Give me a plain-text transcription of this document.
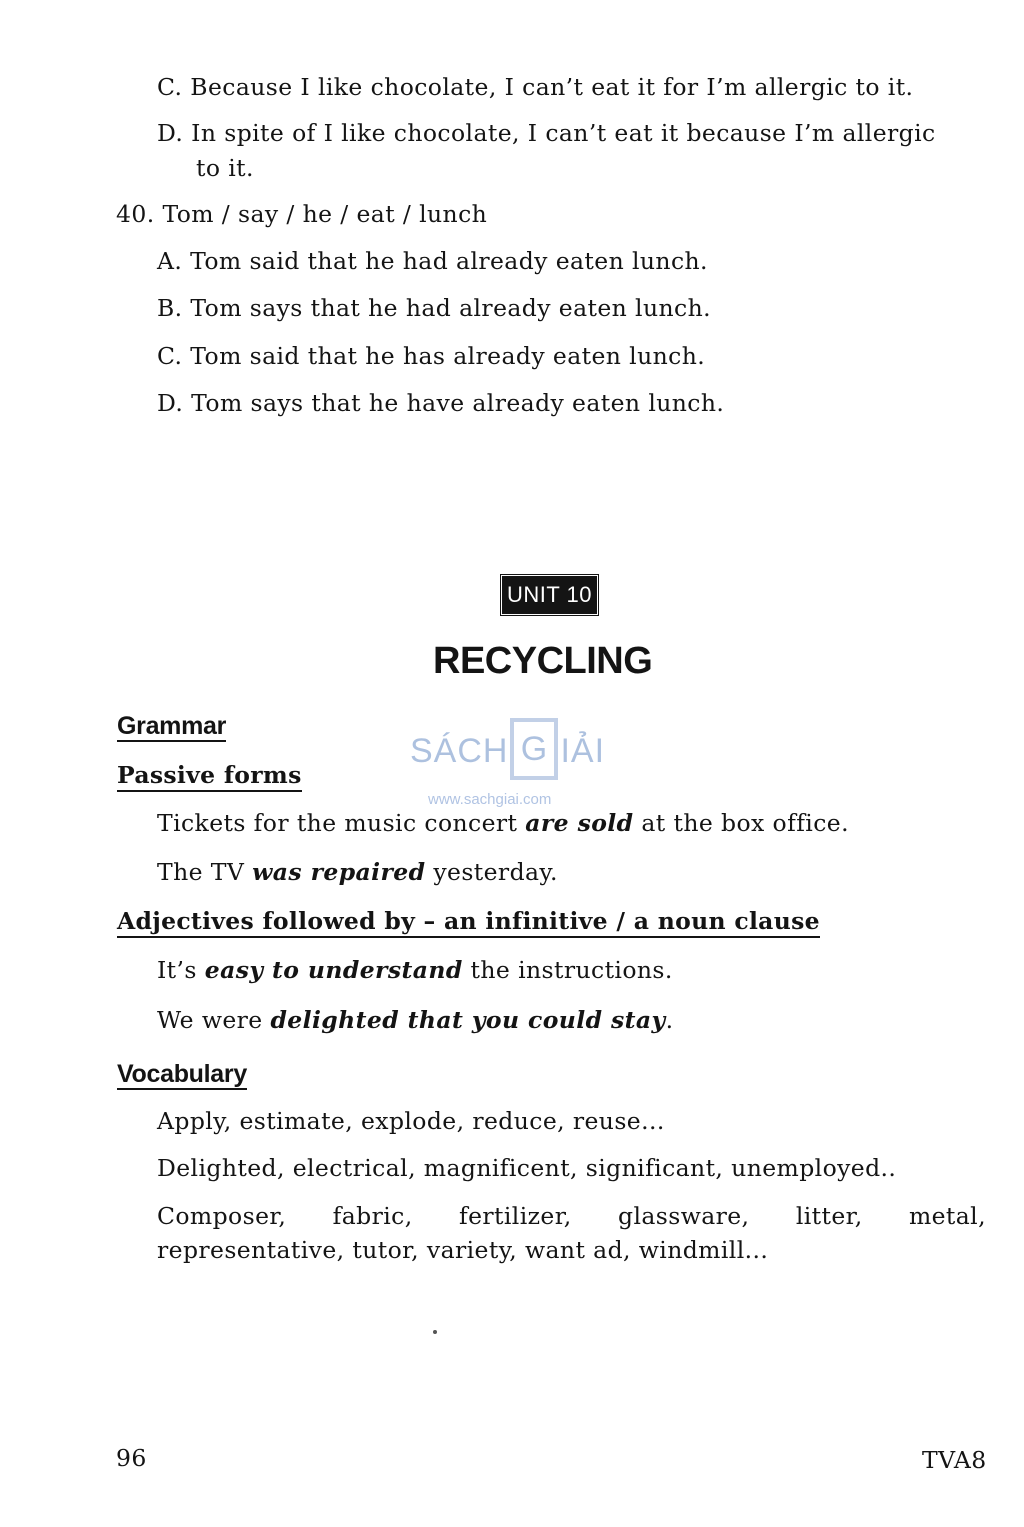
C. Because I like chocolate, I can’t eat it for I’m allergic to it.
D. In spite of I like chocolate, I can’t eat it because I’m allergic
to it.
40. Tom / say / he / eat / lunch
A. Tom said that he had already eaten lunch.
B. Tom says that he had already eaten lunch.
C. Tom said that he has already eaten lunch.
D. Tom says that he have already eaten lunch.
UNIT 10
RECYCLING
SÁCH G IẢI
www.sachgiai.com
Grammar
Passive forms
Tickets for the music concert are sold at the box office.
The TV was repaired yesterday.
Adjectives followed by – an infinitive / a noun clause
It’s easy to understand the instructions.
We were delighted that you could stay.
Vocabulary
Apply, estimate, explode, reduce, reuse...
Delighted, electrical, magnificent, significant, unemployed..
Composer, fabric, fertilizer, glassware, litter, metal,
representative, tutor, variety, want ad, windmill...
96	TVA8
